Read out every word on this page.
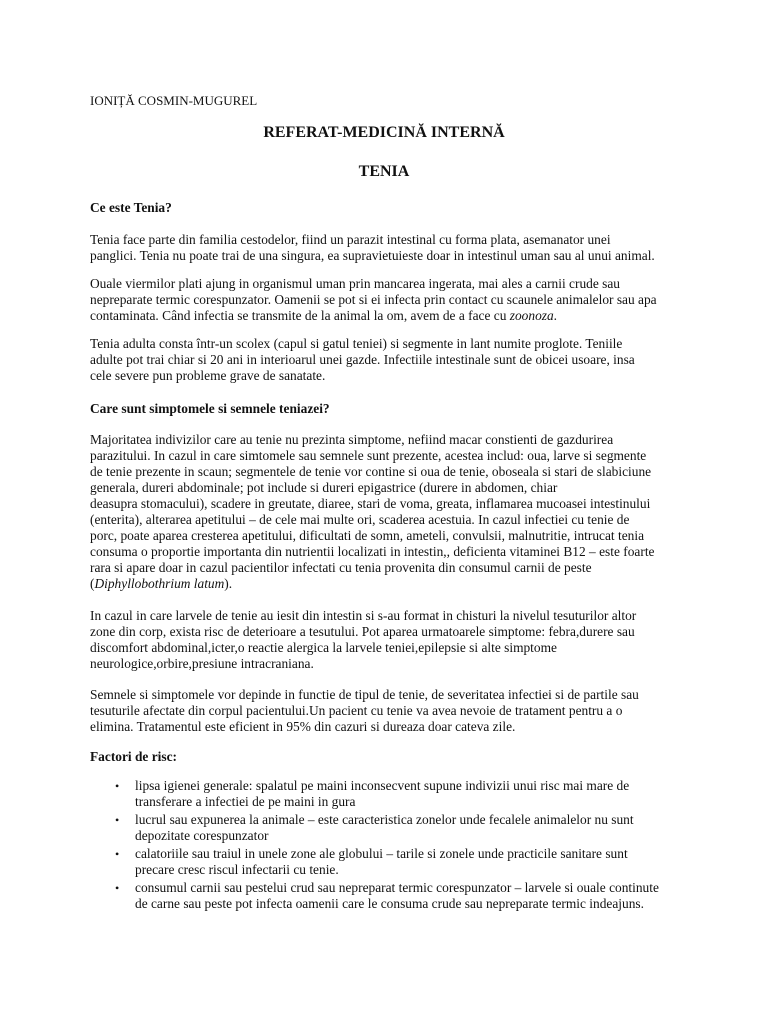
IONIȚĂ COSMIN-MUGUREL
REFERAT-MEDICINĂ INTERNĂ
TENIA
Ce este Tenia?
Tenia face parte din familia cestodelor, fiind un parazit intestinal cu forma plata, asemanator unei
panglici. Tenia nu poate trai de una singura, ea supravietuieste doar in intestinul uman sau al unui animal.
Ouale viermilor plati ajung in organismul uman prin mancarea ingerata, mai ales a carnii crude sau
nepreparate termic corespunzator. Oamenii se pot si ei infecta prin contact cu scaunele animalelor sau apa
contaminata. Când infectia se transmite de la animal la om, avem de a face cu zoonoza.
Tenia adulta consta într-un scolex (capul si gatul teniei) si segmente in lant numite proglote. Teniile
adulte pot trai chiar si 20 ani in interioarul unei gazde. Infectiile intestinale sunt de obicei usoare, insa
cele severe pun probleme grave de sanatate.
Care sunt simptomele si semnele teniazei?
Majoritatea indivizilor care au tenie nu prezinta simptome, nefiind macar constienti de gazdurirea
parazitului. In cazul in care simtomele sau semnele sunt prezente, acestea includ: oua, larve si segmente
de tenie prezente in scaun; segmentele de tenie vor contine si oua de tenie, oboseala si stari de slabiciune
generala, dureri abdominale; pot include si dureri epigastrice (durere in abdomen, chiar
deasupra stomacului), scadere in greutate, diaree, stari de voma, greata, inflamarea mucoasei intestinului
(enterita), alterarea apetitului – de cele mai multe ori, scaderea acestuia. In cazul infectiei cu tenie de
porc, poate aparea cresterea apetitului, dificultati de somn, ameteli, convulsii, malnutritie, intrucat tenia
consuma o proportie importanta din nutrientii localizati in intestin,, deficienta vitaminei B12 – este foarte
rara si apare doar in cazul pacientilor infectati cu tenia provenita din consumul carnii de peste
(Diphyllobothrium latum).
In cazul in care larvele de tenie au iesit din intestin si s-au format in chisturi la nivelul tesuturilor altor
zone din corp, exista risc de deterioare a tesutului. Pot aparea urmatoarele simptome: febra,durere sau
discomfort abdominal,icter,o reactie alergica la larvele teniei,epilepsie si alte simptome
neurologice,orbire,presiune intracraniana.
Semnele si simptomele vor depinde in functie de tipul de tenie, de severitatea infectiei si de partile sau
tesuturile afectate din corpul pacientului.Un pacient cu tenie va avea nevoie de tratament pentru a o
elimina. Tratamentul este eficient in 95% din cazuri si dureaza doar cateva zile.
Factori de risc:
• lipsa igienei generale: spalatul pe maini inconsecvent supune indivizii unui risc mai mare de
transferare a infectiei de pe maini in gura
• lucrul sau expunerea la animale – este caracteristica zonelor unde fecalele animalelor nu sunt
depozitate corespunzator
• calatoriile sau traiul in unele zone ale globului – tarile si zonele unde practicile sanitare sunt
precare cresc riscul infectarii cu tenie.
• consumul carnii sau pestelui crud sau nepreparat termic corespunzator – larvele si ouale continute
de carne sau peste pot infecta oamenii care le consuma crude sau nepreparate termic indeajuns.
